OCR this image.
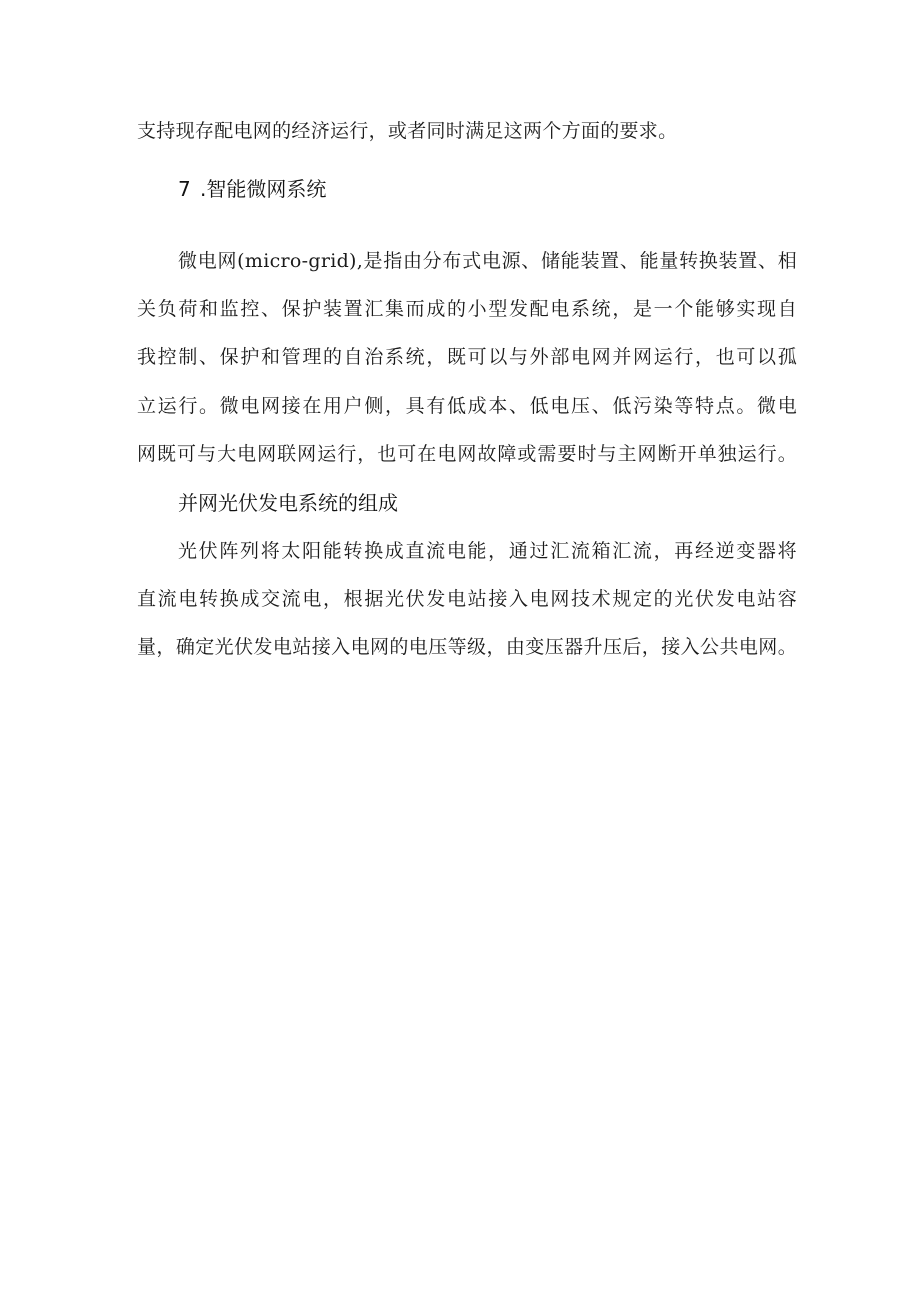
支持现存配电网的经济运行，或者同时满足这两个方面的要求。
7 .智能微网系统
微电网(micro-grid),是指由分布式电源、储能装置、能量转换装置、相
关负荷和监控、保护装置汇集而成的小型发配电系统，是一个能够实现自
我控制、保护和管理的自治系统，既可以与外部电网并网运行，也可以孤
立运行。微电网接在用户侧，具有低成本、低电压、低污染等特点。微电
网既可与大电网联网运行，也可在电网故障或需要时与主网断开单独运行。
并网光伏发电系统的组成
光伏阵列将太阳能转换成直流电能，通过汇流箱汇流，再经逆变器将
直流电转换成交流电，根据光伏发电站接入电网技术规定的光伏发电站容
量，确定光伏发电站接入电网的电压等级，由变压器升压后，接入公共电网。
